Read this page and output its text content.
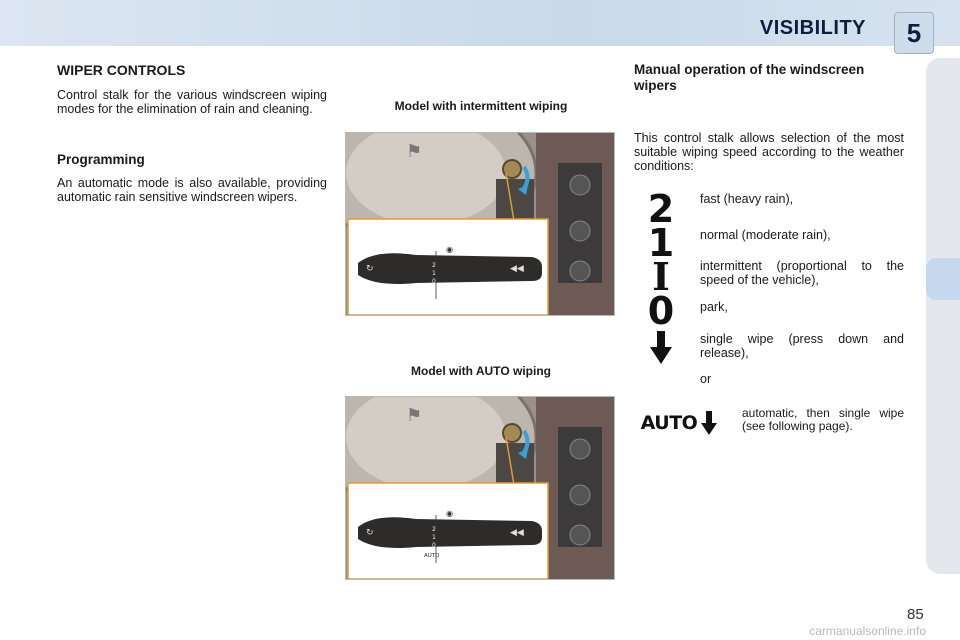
VISIBILITY	5
WIPER CONTROLS

Control stalk for the various windscreen wiping modes for the elimination of rain and cleaning.

Programming

An automatic mode is also available, providing automatic rain sensitive windscreen wipers.

Model with intermittent wiping
⚑
↻	◀◀
◉
2
1
0
Model with AUTO wiping
⚑
↻	◀◀
◉
2
1
0
AUTO
Manual operation of the windscreen wipers
This control stalk allows selection of the most suitable wiping speed according to the weather conditions:
2 fast (heavy rain),
1 normal (moderate rain),
I intermittent (proportional to the speed of the vehicle),
0 park,
single wipe (press down and release),
or
AUTO	automatic, then single wipe (see following page).
85
carmanualsonline.info
